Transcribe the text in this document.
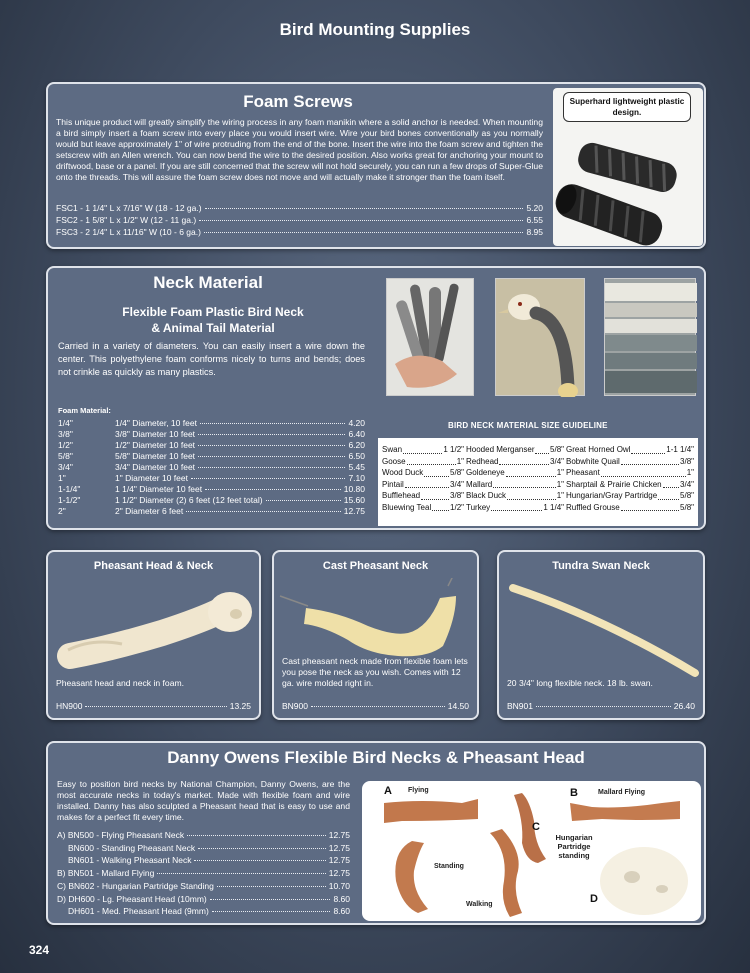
Bird Mounting Supplies
Foam Screws
This unique product will greatly simplify the wiring process in any foam manikin where a solid anchor is needed. When mounting a bird simply insert a foam screw into every place you would insert wire. Wire your bird bones conventionally as you normally would but leave approximately 1" of wire protruding from the end of the bone. Insert the wire into the foam screw and tighten the setscrew with an Allen wrench. You can now bend the wire to the desired position. Also works great for anchoring your mount to driftwood, base or a panel. If you are still concerned that the screw will not hold securely, you can run a few drops of Super-Glue onto the threads. This will assure the foam screw does not move and will actually make it stronger than the foam itself.
FSC1 - 1 1/4" L x 7/16" W (18 - 12 ga.)	5.20
FSC2 - 1 5/8" L x 1/2" W (12 - 11 ga.)	6.55
FSC3 - 2 1/4" L x 11/16" W (10 - 6 ga.)	8.95
Superhard lightweight plastic design.
Neck Material
Flexible Foam Plastic Bird Neck
& Animal Tail Material
Carried in a variety of diameters. You can easily insert a wire down the center. This polyethylene foam conforms nicely to turns and bends; does not crinkle as quickly as many plastics.
Foam Material:
1/4"	1/4" Diameter, 10 feet	4.20
3/8"	3/8" Diameter 10 feet	6.40
1/2"	1/2" Diameter 10 feet	6.20
5/8"	5/8" Diameter 10 feet	6.50
3/4"	3/4" Diameter 10 feet	5.45
1"	1" Diameter 10 feet	7.10
1-1/4"	1 1/4" Diameter 10 feet	10.80
1-1/2"	1 1/2" Diameter (2) 6 feet (12 feet total)	15.60
2"	2" Diameter 6 feet	12.75
BIRD NECK MATERIAL SIZE GUIDELINE
Swan	1 1/2"
Goose	1"
Wood Duck	5/8"
Pintail	3/4"
Bufflehead	3/8"
Bluewing Teal 1/2"
Hooded Merganser 5/8"
Redhead	3/4"
Goldeneye	1"
Mallard	1"
Black Duck	1"
Turkey	1 1/4"
Great Horned Owl	1-1 1/4"
Bobwhite Quail	3/8"
Pheasant	1"
Sharptail & Prairie Chicken 3/4"
Hungarian/Gray Partridge	5/8"
Ruffled Grouse	5/8"
Pheasant Head & Neck
Pheasant head and neck in foam.
HN900	13.25
Cast Pheasant Neck
Cast pheasant neck made from flexible foam lets you pose the neck as you wish. Comes with 12 ga. wire molded right in.
BN900	14.50
Tundra Swan Neck
20 3/4" long flexible neck. 18 lb. swan.
BN901	26.40
Danny Owens Flexible Bird Necks & Pheasant Head
Easy to position bird necks by National Champion, Danny Owens, are the most accurate necks in today's market. Made with flexible foam and wire installed. Danny has also sculpted a Pheasant head that is easy to use and makes for a perfect fit every time.
A) BN500 - Flying Pheasant Neck	12.75
BN600 - Standing Pheasant Neck	12.75
BN601 - Walking Pheasant Neck	12.75
B) BN501 - Mallard Flying	12.75
C) BN602 - Hungarian Partridge Standing	10.70
D) DH600 - Lg. Pheasant Head (10mm)	8.60
DH601 - Med. Pheasant Head (9mm)	8.60
A Flying	B	Mallard Flying
C
Hungarian Partridge standing
Standing
Walking	D
324
